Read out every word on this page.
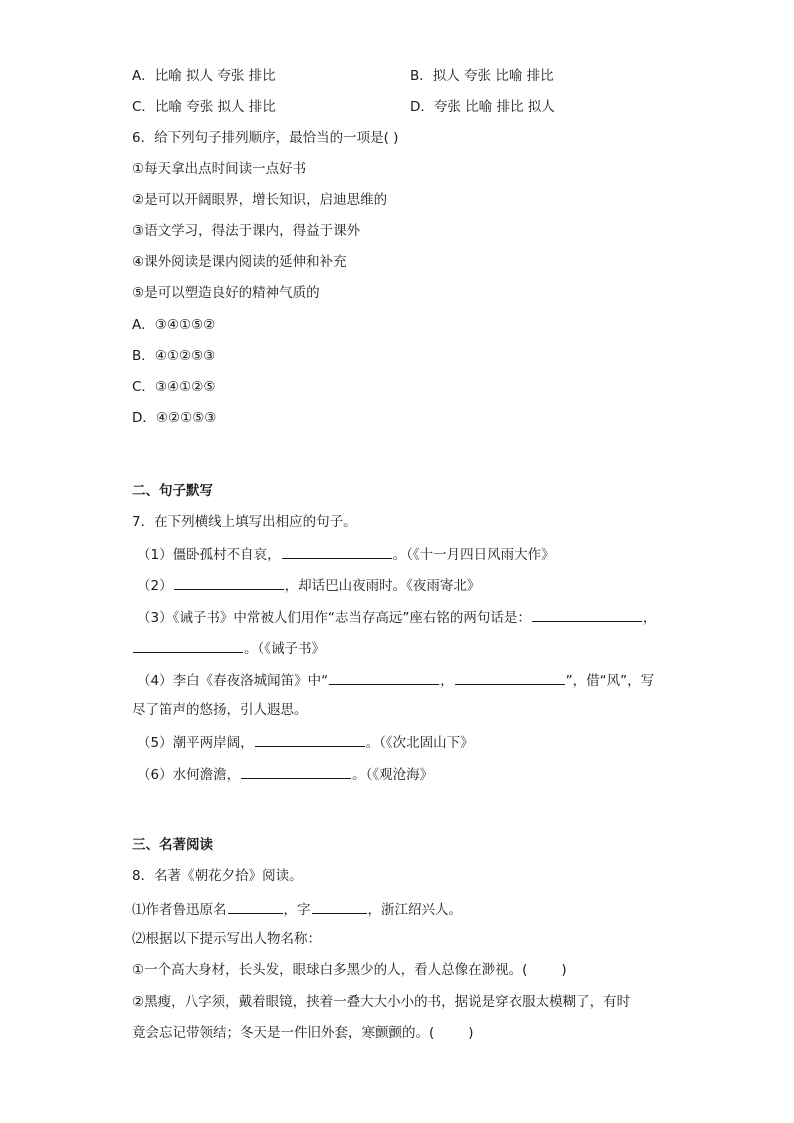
A．比喻 拟人 夸张 排比	B．拟人 夸张 比喻 排比
C．比喻 夸张 拟人 排比	D．夸张 比喻 排比 拟人
6．给下列句子排列顺序，最恰当的一项是( )
①每天拿出点时间读一点好书
②是可以开阔眼界，增长知识，启迪思维的
③语文学习，得法于课内，得益于课外
④课外阅读是课内阅读的延伸和补充
⑤是可以塑造良好的精神气质的
A．③④①⑤②
B．④①②⑤③
C．③④①②⑤
D．④②①⑤③
二、句子默写
7．在下列横线上填写出相应的句子。
（1）僵卧孤村不自哀，	。（《十一月四日风雨大作》
（2）	，却话巴山夜雨时。《夜雨寄北》
（3）《诫子书》中常被人们用作“志当存高远”座右铭的两句话是：	，
。（《诫子书》
（4）李白《春夜洛城闻笛》中“	，	”，借“风”，写
尽了笛声的悠扬，引人遐思。
（5）潮平两岸阔，	。（《次北固山下》
（6）水何澹澹，	。（《观沧海》
三、名著阅读
8．名著《朝花夕拾》阅读。
⑴作者鲁迅原名	，字	，浙江绍兴人。
⑵根据以下提示写出人物名称：
①一个高大身材，长头发，眼球白多黑少的人，看人总像在渺视。(	)
②黑瘦，八字须，戴着眼镜，挟着一叠大大小小的书，据说是穿衣服太模糊了，有时
竟会忘记带领结；冬天是一件旧外套，寒颤颤的。(	)
